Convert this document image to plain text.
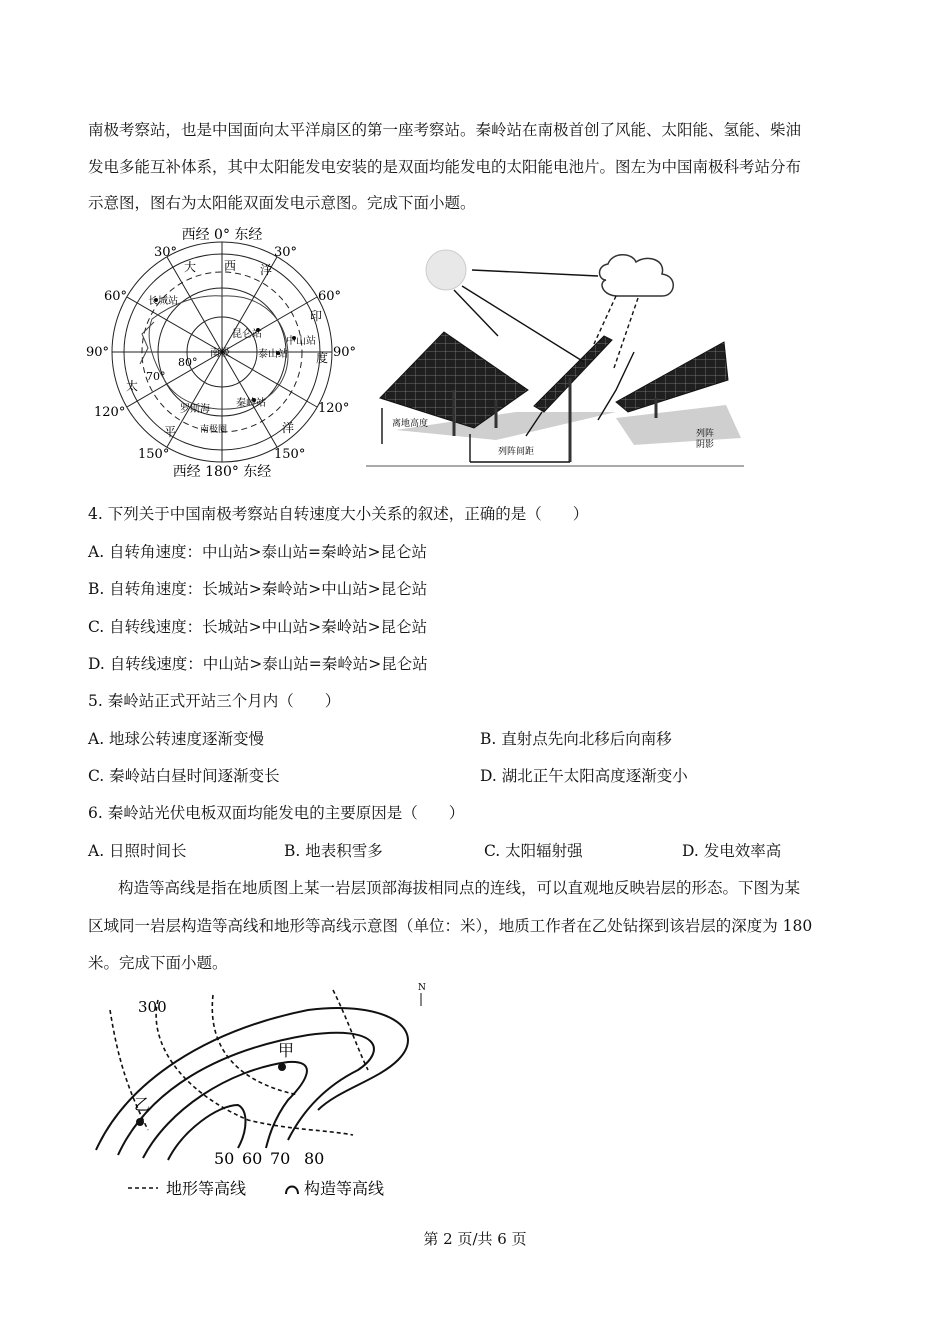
南极考察站，也是中国面向太平洋扇区的第一座考察站。秦岭站在南极首创了风能、太阳能、氢能、柴油
发电多能互补体系，其中太阳能发电安装的是双面均能发电的太阳能电池片。图左为中国南极科考站分布
示意图，图右为太阳能双面发电示意图。完成下面小题。
西经 0° 东经
西经 180° 东经
30°	30°
60°	60°
90°	90°
120°	120°
150°	150°
80°
70°
大 西 洋
印
度
太
平	洋
长城站
昆仑站
中山站
泰山站
秦岭站
南极
罗斯海
南极圈
离地高度
列阵间距
列阵阴影
4. 下列关于中国南极考察站自转速度大小关系的叙述，正确的是（　　）
A. 自转角速度：中山站>泰山站=秦岭站>昆仑站
B. 自转角速度：长城站>秦岭站>中山站>昆仑站
C. 自转线速度：长城站>中山站>秦岭站>昆仑站
D. 自转线速度：中山站>泰山站=秦岭站>昆仑站
5. 秦岭站正式开站三个月内（　　）
A. 地球公转速度逐渐变慢	B. 直射点先向北移后向南移
C. 秦岭站白昼时间逐渐变长	D. 湖北正午太阳高度逐渐变小
6. 秦岭站光伏电板双面均能发电的主要原因是（　　）
A. 日照时间长	B. 地表积雪多	C. 太阳辐射强	D. 发电效率高
构造等高线是指在地质图上某一岩层顶部海拔相同点的连线，可以直观地反映岩层的形态。下图为某
区域同一岩层构造等高线和地形等高线示意图（单位：米），地质工作者在乙处钻探到该岩层的深度为 180
米。完成下面小题。
300
甲
乙
50 60 70 80
N
地形等高线	构造等高线
第 2 页/共 6 页
